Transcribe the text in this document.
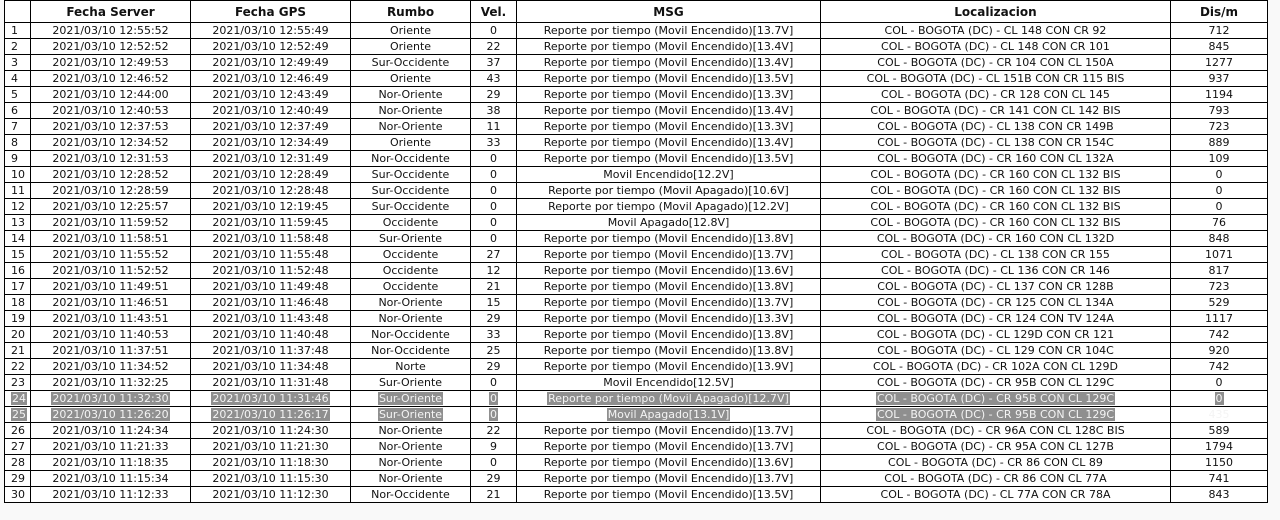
	Fecha Server	Fecha GPS	Rumbo	Vel.	MSG	Localizacion	Dis/m
1	2021/03/10 12:55:52	2021/03/10 12:55:49	Oriente	0	Reporte por tiempo (Movil Encendido)[13.7V]	COL - BOGOTA (DC) - CL 148 CON CR 92	712
2	2021/03/10 12:52:52	2021/03/10 12:52:49	Oriente	22	Reporte por tiempo (Movil Encendido)[13.4V]	COL - BOGOTA (DC) - CL 148 CON CR 101	845
3	2021/03/10 12:49:53	2021/03/10 12:49:49	Sur-Occidente	37	Reporte por tiempo (Movil Encendido)[13.4V]	COL - BOGOTA (DC) - CR 104 CON CL 150A	1277
4	2021/03/10 12:46:52	2021/03/10 12:46:49	Oriente	43	Reporte por tiempo (Movil Encendido)[13.5V]	COL - BOGOTA (DC) - CL 151B CON CR 115 BIS	937
5	2021/03/10 12:44:00	2021/03/10 12:43:49	Nor-Oriente	29	Reporte por tiempo (Movil Encendido)[13.3V]	COL - BOGOTA (DC) - CR 128 CON CL 145	1194
6	2021/03/10 12:40:53	2021/03/10 12:40:49	Nor-Oriente	38	Reporte por tiempo (Movil Encendido)[13.4V]	COL - BOGOTA (DC) - CR 141 CON CL 142 BIS	793
7	2021/03/10 12:37:53	2021/03/10 12:37:49	Nor-Oriente	11	Reporte por tiempo (Movil Encendido)[13.3V]	COL - BOGOTA (DC) - CL 138 CON CR 149B	723
8	2021/03/10 12:34:52	2021/03/10 12:34:49	Oriente	33	Reporte por tiempo (Movil Encendido)[13.4V]	COL - BOGOTA (DC) - CL 138 CON CR 154C	889
9	2021/03/10 12:31:53	2021/03/10 12:31:49	Nor-Occidente	0	Reporte por tiempo (Movil Encendido)[13.5V]	COL - BOGOTA (DC) - CR 160 CON CL 132A	109
10	2021/03/10 12:28:52	2021/03/10 12:28:49	Sur-Occidente	0	Movil Encendido[12.2V]	COL - BOGOTA (DC) - CR 160 CON CL 132 BIS	0
11	2021/03/10 12:28:59	2021/03/10 12:28:48	Sur-Occidente	0	Reporte por tiempo (Movil Apagado)[10.6V]	COL - BOGOTA (DC) - CR 160 CON CL 132 BIS	0
12	2021/03/10 12:25:57	2021/03/10 12:19:45	Sur-Occidente	0	Reporte por tiempo (Movil Apagado)[12.2V]	COL - BOGOTA (DC) - CR 160 CON CL 132 BIS	0
13	2021/03/10 11:59:52	2021/03/10 11:59:45	Occidente	0	Movil Apagado[12.8V]	COL - BOGOTA (DC) - CR 160 CON CL 132 BIS	76
14	2021/03/10 11:58:51	2021/03/10 11:58:48	Sur-Oriente	0	Reporte por tiempo (Movil Encendido)[13.8V]	COL - BOGOTA (DC) - CR 160 CON CL 132D	848
15	2021/03/10 11:55:52	2021/03/10 11:55:48	Occidente	27	Reporte por tiempo (Movil Encendido)[13.7V]	COL - BOGOTA (DC) - CL 138 CON CR 155	1071
16	2021/03/10 11:52:52	2021/03/10 11:52:48	Occidente	12	Reporte por tiempo (Movil Encendido)[13.6V]	COL - BOGOTA (DC) - CL 136 CON CR 146	817
17	2021/03/10 11:49:51	2021/03/10 11:49:48	Occidente	21	Reporte por tiempo (Movil Encendido)[13.8V]	COL - BOGOTA (DC) - CL 137 CON CR 128B	723
18	2021/03/10 11:46:51	2021/03/10 11:46:48	Nor-Oriente	15	Reporte por tiempo (Movil Encendido)[13.7V]	COL - BOGOTA (DC) - CR 125 CON CL 134A	529
19	2021/03/10 11:43:51	2021/03/10 11:43:48	Nor-Oriente	29	Reporte por tiempo (Movil Encendido)[13.3V]	COL - BOGOTA (DC) - CR 124 CON TV 124A	1117
20	2021/03/10 11:40:53	2021/03/10 11:40:48	Nor-Occidente	33	Reporte por tiempo (Movil Encendido)[13.8V]	COL - BOGOTA (DC) - CL 129D CON CR 121	742
21	2021/03/10 11:37:51	2021/03/10 11:37:48	Nor-Occidente	25	Reporte por tiempo (Movil Encendido)[13.8V]	COL - BOGOTA (DC) - CL 129 CON CR 104C	920
22	2021/03/10 11:34:52	2021/03/10 11:34:48	Norte	29	Reporte por tiempo (Movil Encendido)[13.9V]	COL - BOGOTA (DC) - CR 102A CON CL 129D	742
23	2021/03/10 11:32:25	2021/03/10 11:31:48	Sur-Oriente	0	Movil Encendido[12.5V]	COL - BOGOTA (DC) - CR 95B CON CL 129C	0
24	2021/03/10 11:32:30	2021/03/10 11:31:46	Sur-Oriente	0	Reporte por tiempo (Movil Apagado)[12.7V]	COL - BOGOTA (DC) - CR 95B CON CL 129C	0
25	2021/03/10 11:26:20	2021/03/10 11:26:17	Sur-Oriente	0	Movil Apagado[13.1V]	COL - BOGOTA (DC) - CR 95B CON CL 129C	435
26	2021/03/10 11:24:34	2021/03/10 11:24:30	Nor-Oriente	22	Reporte por tiempo (Movil Encendido)[13.7V]	COL - BOGOTA (DC) - CR 96A CON CL 128C BIS	589
27	2021/03/10 11:21:33	2021/03/10 11:21:30	Nor-Oriente	9	Reporte por tiempo (Movil Encendido)[13.7V]	COL - BOGOTA (DC) - CR 95A CON CL 127B	1794
28	2021/03/10 11:18:35	2021/03/10 11:18:30	Nor-Oriente	0	Reporte por tiempo (Movil Encendido)[13.6V]	COL - BOGOTA (DC) - CR 86 CON CL 89	1150
29	2021/03/10 11:15:34	2021/03/10 11:15:30	Nor-Oriente	29	Reporte por tiempo (Movil Encendido)[13.7V]	COL - BOGOTA (DC) - CR 86 CON CL 77A	741
30	2021/03/10 11:12:33	2021/03/10 11:12:30	Nor-Occidente	21	Reporte por tiempo (Movil Encendido)[13.5V]	COL - BOGOTA (DC) - CL 77A CON CR 78A	843
